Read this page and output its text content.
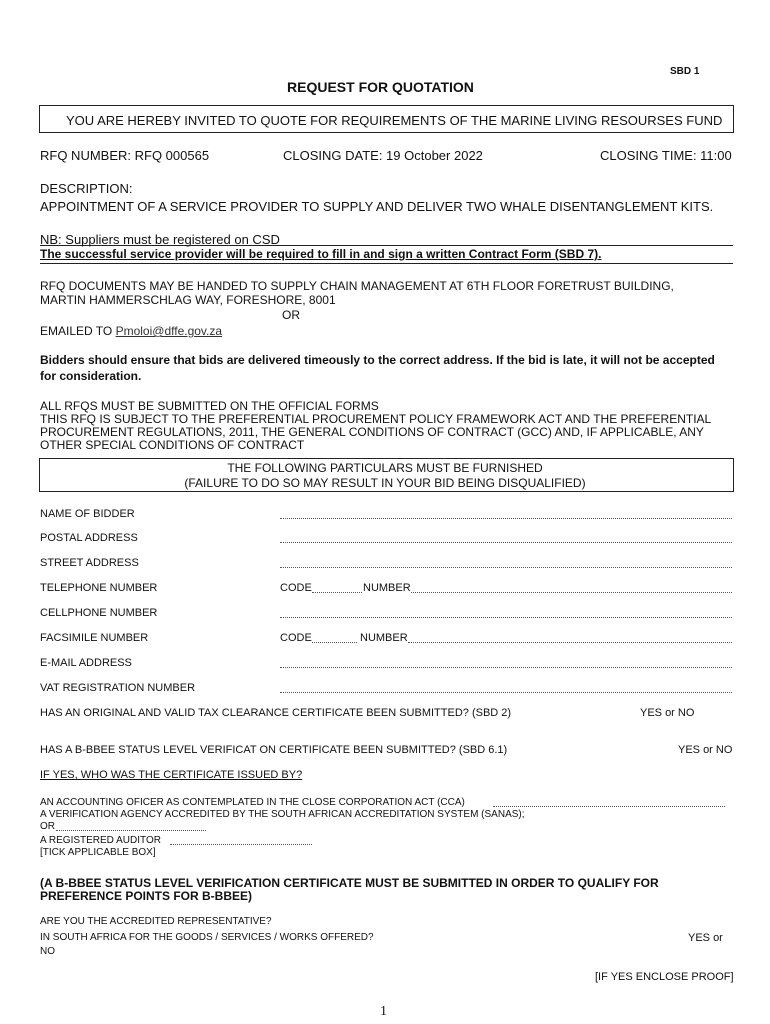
SBD 1
REQUEST FOR QUOTATION
YOU ARE HEREBY INVITED TO QUOTE FOR REQUIREMENTS OF THE MARINE LIVING RESOURSES FUND
RFQ NUMBER: RFQ 000565	CLOSING DATE: 19 October 2022	CLOSING TIME: 11:00
DESCRIPTION:
APPOINTMENT OF A SERVICE PROVIDER TO SUPPLY AND DELIVER TWO WHALE DISENTANGLEMENT KITS.
NB: Suppliers must be registered on CSD
The successful service provider will be required to fill in and sign a written Contract Form (SBD 7).
RFQ DOCUMENTS MAY BE HANDED TO SUPPLY CHAIN MANAGEMENT AT 6TH FLOOR FORETRUST BUILDING,
MARTIN HAMMERSCHLAG WAY, FORESHORE, 8001
OR
EMAILED TO Pmoloi@dffe.gov.za
Bidders should ensure that bids are delivered timeously to the correct address. If the bid is late, it will not be accepted
for consideration.
ALL RFQS MUST BE SUBMITTED ON THE OFFICIAL FORMS
THIS RFQ IS SUBJECT TO THE PREFERENTIAL PROCUREMENT POLICY FRAMEWORK ACT AND THE PREFERENTIAL
PROCUREMENT REGULATIONS, 2011, THE GENERAL CONDITIONS OF CONTRACT (GCC) AND, IF APPLICABLE, ANY
OTHER SPECIAL CONDITIONS OF CONTRACT
THE FOLLOWING PARTICULARS MUST BE FURNISHED
(FAILURE TO DO SO MAY RESULT IN YOUR BID BEING DISQUALIFIED)
NAME OF BIDDER
POSTAL ADDRESS
STREET ADDRESS
TELEPHONE NUMBER	CODE	NUMBER
CELLPHONE NUMBER
FACSIMILE NUMBER	CODE	NUMBER
E-MAIL ADDRESS
VAT REGISTRATION NUMBER
HAS AN ORIGINAL AND VALID TAX CLEARANCE CERTIFICATE BEEN SUBMITTED? (SBD 2)	YES or NO
HAS A B-BBEE STATUS LEVEL VERIFICAT ON CERTIFICATE BEEN SUBMITTED? (SBD 6.1)	YES or NO
IF YES, WHO WAS THE CERTIFICATE ISSUED BY?
AN ACCOUNTING OFICER AS CONTEMPLATED IN THE CLOSE CORPORATION ACT (CCA)
A VERIFICATION AGENCY ACCREDITED BY THE SOUTH AFRICAN ACCREDITATION SYSTEM (SANAS);
OR
A REGISTERED AUDITOR
[TICK APPLICABLE BOX]
(A B-BBEE STATUS LEVEL VERIFICATION CERTIFICATE MUST BE SUBMITTED IN ORDER TO QUALIFY FOR
PREFERENCE POINTS FOR B-BBEE)
ARE YOU THE ACCREDITED REPRESENTATIVE?
IN SOUTH AFRICA FOR THE GOODS / SERVICES / WORKS OFFERED?	YES or
NO
[IF YES ENCLOSE PROOF]
1
